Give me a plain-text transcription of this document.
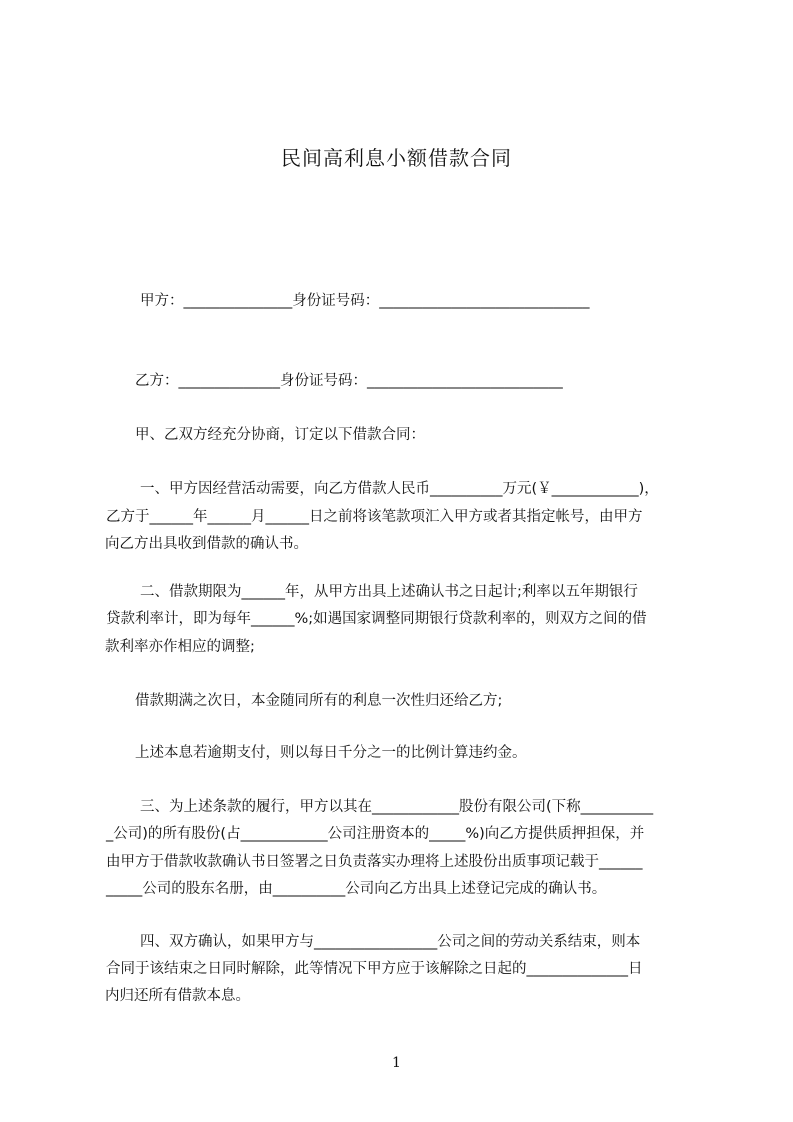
民间高利息小额借款合同
甲方：_______________身份证号码：_____________________________
乙方：______________身份证号码：___________________________
甲、乙双方经充分协商，订定以下借款合同：
一、甲方因经营活动需要，向乙方借款人民币__________万元(￥____________)，
乙方于______年______月______日之前将该笔款项汇入甲方或者其指定帐号，由甲方
向乙方出具收到借款的确认书。
二、借款期限为______年，从甲方出具上述确认书之日起计;利率以五年期银行
贷款利率计，即为每年______%;如遇国家调整同期银行贷款利率的，则双方之间的借
款利率亦作相应的调整;
借款期满之次日，本金随同所有的利息一次性归还给乙方;
上述本息若逾期支付，则以每日千分之一的比例计算违约金。
三、为上述条款的履行，甲方以其在____________股份有限公司(下称__________
_公司)的所有股份(占____________公司注册资本的_____%)向乙方提供质押担保，并
由甲方于借款收款确认书日签署之日负责落实办理将上述股份出质事项记载于______
_____公司的股东名册，由__________公司向乙方出具上述登记完成的确认书。
四、双方确认，如果甲方与_________________公司之间的劳动关系结束，则本
合同于该结束之日同时解除，此等情况下甲方应于该解除之日起的______________日
内归还所有借款本息。
1
